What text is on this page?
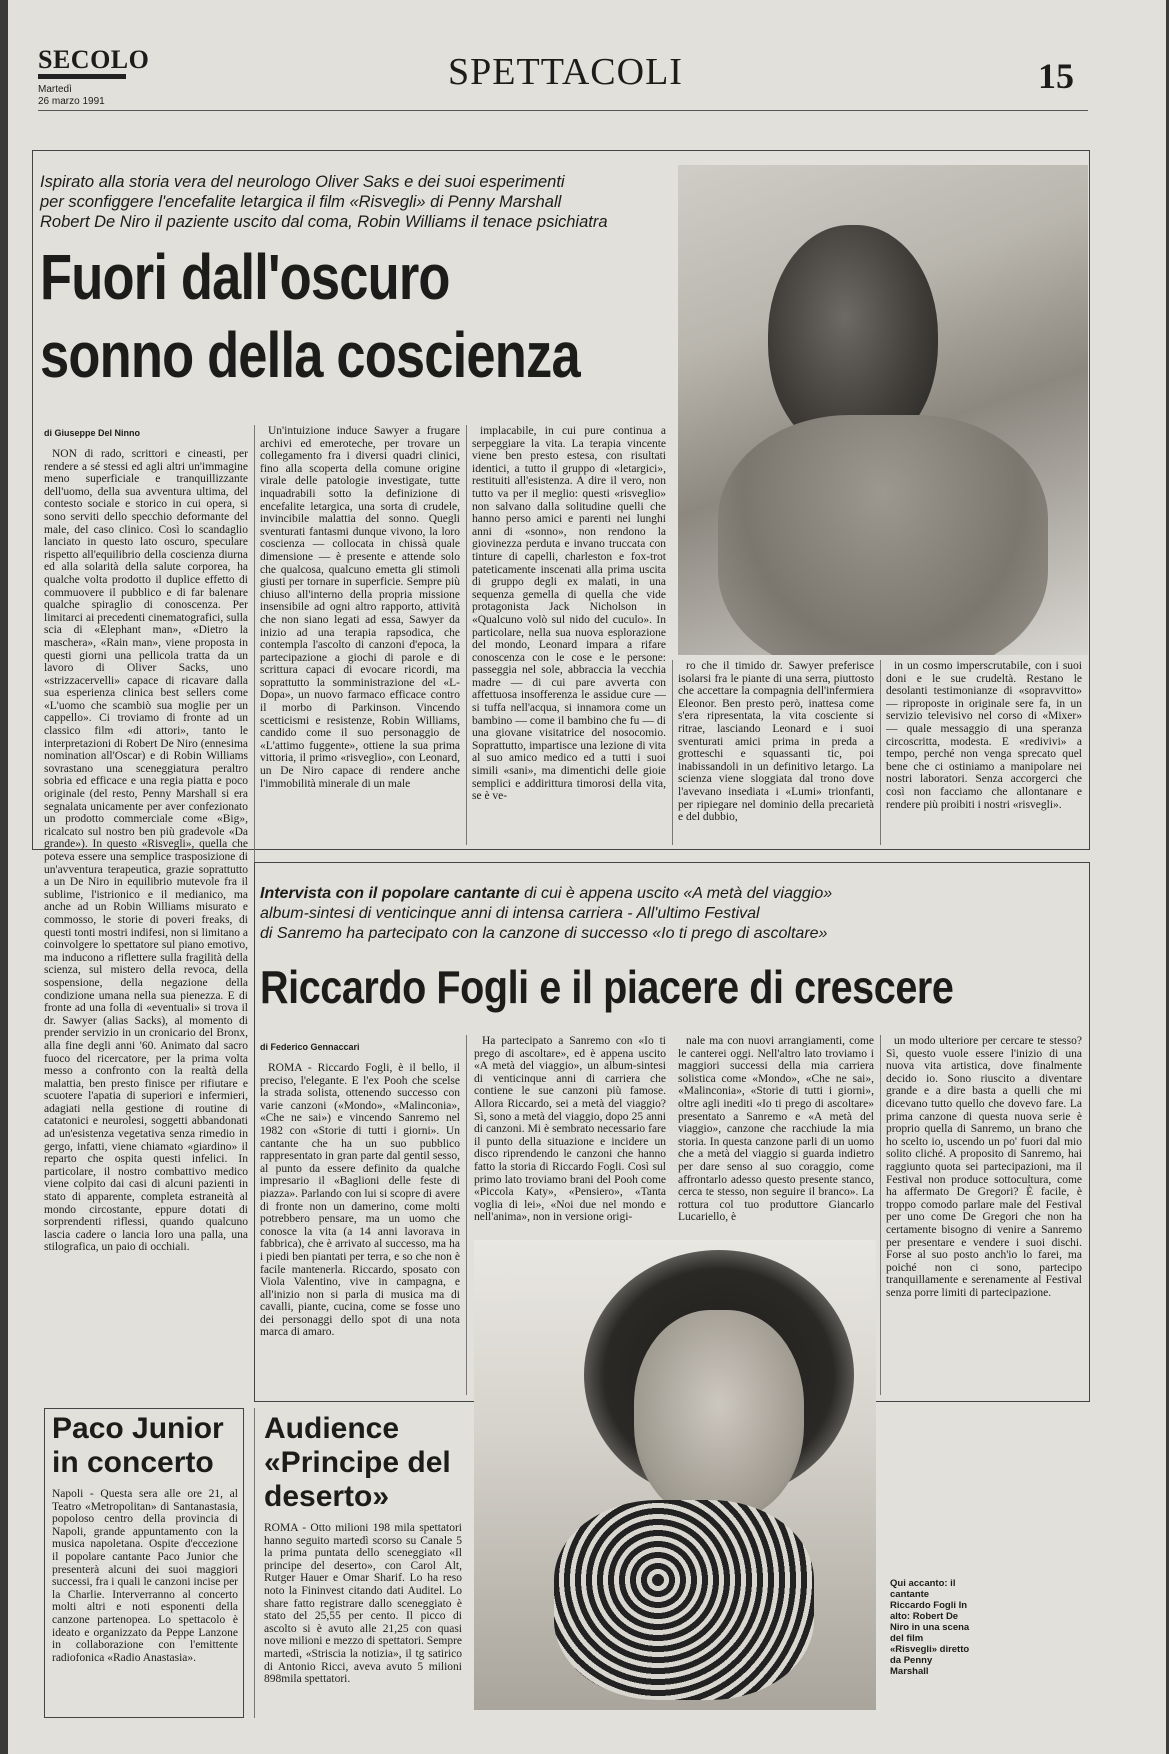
SECOLO
Martedì
26 marzo 1991
SPETTACOLI	15
Ispirato alla storia vera del neurologo Oliver Saks e dei suoi esperimenti
per sconfiggere l'encefalite letargica il film «Risvegli» di Penny Marshall
Robert De Niro il paziente uscito dal coma, Robin Williams il tenace psichiatra
Fuori dall'oscuro
sonno della coscienza
di Giuseppe Del Ninno

NON di rado, scrittori e cineasti, per rendere a sé stessi ed agli altri un'immagine meno superficiale e tranquillizzante dell'uomo, della sua avventura ultima, del contesto sociale e storico in cui opera, si sono serviti dello specchio deformante del male, del caso clinico. Così lo scandaglio lanciato in questo lato oscuro, speculare rispetto all'equilibrio della coscienza diurna ed alla solarità della salute corporea, ha qualche volta prodotto il duplice effetto di commuovere il pubblico e di far balenare qualche spiraglio di conoscenza. Per limitarci ai precedenti cinematografici, sulla scia di «Elephant man», «Dietro la maschera», «Rain man», viene proposta in questi giorni una pellicola tratta da un lavoro di Oliver Sacks, uno «strizzacervelli» capace di ricavare dalla sua esperienza clinica best sellers come «L'uomo che scambiò sua moglie per un cappello». Ci troviamo di fronte ad un classico film «di attori», tanto le interpretazioni di Robert De Niro (ennesima nomination all'Oscar) e di Robin Williams sovrastano una sceneggiatura peraltro sobria ed efficace e una regia piatta e poco originale (del resto, Penny Marshall si era segnalata unicamente per aver confezionato un prodotto commerciale come «Big», ricalcato sul nostro ben più gradevole «Da grande»). In questo «Risvegli», quella che poteva essere una semplice trasposizione di un'avventura terapeutica, grazie soprattutto a un De Niro in equilibrio mutevole fra il sublime, l'istrionico e il medianico, ma anche ad un Robin Williams misurato e commosso, le storie di poveri freaks, di questi tonti mostri indifesi, non si limitano a coinvolgere lo spettatore sul piano emotivo, ma inducono a riflettere sulla fragilità della scienza, sul mistero della revoca, della sospensione, della negazione della condizione umana nella sua pienezza. E di fronte ad una folla di «eventuali» si trova il dr. Sawyer (alias Sacks), al momento di prender servizio in un cronicario del Bronx, alla fine degli anni '60. Animato dal sacro fuoco del ricercatore, per la prima volta messo a confronto con la realtà della malattia, ben presto finisce per rifiutare e scuotere l'apatia di superiori e infermieri, adagiati nella gestione di routine di catatonici e neurolesi, soggetti abbandonati ad un'esistenza vegetativa senza rimedio in gergo, infatti, viene chiamato «giardino» il reparto che ospita questi infelici. In particolare, il nostro combattivo medico viene colpito dai casi di alcuni pazienti in stato di apparente, completa estraneità al mondo circostante, eppure dotati di sorprendenti riflessi, quando qualcuno lascia cadere o lancia loro una palla, una stilografica, un paio di occhiali.

Un'intuizione induce Sawyer a frugare archivi ed emeroteche, per trovare un collegamento fra i diversi quadri clinici, fino alla scoperta della comune origine virale delle patologie investigate, tutte inquadrabili sotto la definizione di encefalite letargica, una sorta di crudele, invincibile malattia del sonno. Quegli sventurati fantasmi dunque vivono, la loro coscienza — collocata in chissà quale dimensione — è presente e attende solo che qualcosa, qualcuno emetta gli stimoli giusti per tornare in superficie. Sempre più chiuso all'interno della propria missione insensibile ad ogni altro rapporto, attività che non siano legati ad essa, Sawyer da inizio ad una terapia rapsodica, che contempla l'ascolto di canzoni d'epoca, la partecipazione a giochi di parole e di scrittura capaci di evocare ricordi, ma soprattutto la somministrazione del «L-Dopa», un nuovo farmaco efficace contro il morbo di Parkinson. Vincendo scetticismi e resistenze, Robin Williams, candido come il suo personaggio de «L'attimo fuggente», ottiene la sua prima vittoria, il primo «risveglio», con Leonard, un De Niro capace di rendere anche l'immobilità minerale di un male

implacabile, in cui pure continua a serpeggiare la vita. La terapia vincente viene ben presto estesa, con risultati identici, a tutto il gruppo di «letargici», restituiti all'esistenza. A dire il vero, non tutto va per il meglio: questi «risveglio» non salvano dalla solitudine quelli che hanno perso amici e parenti nei lunghi anni di «sonno», non rendono la giovinezza perduta e invano truccata con tinture di capelli, charleston e fox-trot pateticamente inscenati alla prima uscita di gruppo degli ex malati, in una sequenza gemella di quella che vide protagonista Jack Nicholson in «Qualcuno volò sul nido del cuculo». In particolare, nella sua nuova esplorazione del mondo, Leonard impara a rifare conoscenza con le cose e le persone: passeggia nel sole, abbraccia la vecchia madre — di cui pare avverta con affettuosa insofferenza le assidue cure — si tuffa nell'acqua, si innamora come un bambino — come il bambino che fu — di una giovane visitatrice del nosocomio. Soprattutto, impartisce una lezione di vita al suo amico medico ed a tutti i suoi simili «sani», ma dimentichi delle gioie semplici e addirittura timorosi della vita, se è ve-

ro che il timido dr. Sawyer preferisce isolarsi fra le piante di una serra, piuttosto che accettare la compagnia dell'infermiera Eleonor. Ben presto però, inattesa come s'era ripresentata, la vita cosciente si ritrae, lasciando Leonard e i suoi sventurati amici prima in preda a grotteschi e squassanti tic, poi inabissandoli in un definitivo letargo. La scienza viene sloggiata dal trono dove l'avevano insediata i «Lumi» trionfanti, per ripiegare nel dominio della precarietà e del dubbio,

in un cosmo imperscrutabile, con i suoi doni e le sue crudeltà. Restano le desolanti testimonianze di «sopravvitto» — riproposte in originale sere fa, in un servizio televisivo nel corso di «Mixer» — quale messaggio di una speranza circoscritta, modesta. E «redivivi» a tempo, perché non venga sprecato quel bene che ci ostiniamo a manipolare nei nostri laboratori. Senza accorgerci che così non facciamo che allontanare e rendere più proibiti i nostri «risvegli».

Intervista con il popolare cantante di cui è appena uscito «A metà del viaggio»
album-sintesi di venticinque anni di intensa carriera - All'ultimo Festival
di Sanremo ha partecipato con la canzone di successo «Io ti prego di ascoltare»
Riccardo Fogli e il piacere di crescere
di Federico Gennaccari

ROMA - Riccardo Fogli, è il bello, il preciso, l'elegante. E l'ex Pooh che scelse la strada solista, ottenendo successo con varie canzoni («Mondo», «Malinconia», «Che ne sai») e vincendo Sanremo nel 1982 con «Storie di tutti i giorni». Un cantante che ha un suo pubblico rappresentato in gran parte dal gentil sesso, al punto da essere definito da qualche impresario il «Baglioni delle feste di piazza». Parlando con lui si scopre di avere di fronte non un damerino, come molti potrebbero pensare, ma un uomo che conosce la vita (a 14 anni lavorava in fabbrica), che è arrivato al successo, ma ha i piedi ben piantati per terra, e so che non è facile mantenerla. Riccardo, sposato con Viola Valentino, vive in campagna, e all'inizio non si parla di musica ma di cavalli, piante, cucina, come se fosse uno dei personaggi dello spot di una nota marca di amaro.

Ha partecipato a Sanremo con «Io ti prego di ascoltare», ed è appena uscito «A metà del viaggio», un album-sintesi di venticinque anni di carriera che contiene le sue canzoni più famose. Allora Riccardo, sei a metà del viaggio? Sì, sono a metà del viaggio, dopo 25 anni di canzoni. Mi è sembrato necessario fare il punto della situazione e incidere un disco riprendendo le canzoni che hanno fatto la storia di Riccardo Fogli. Così sul primo lato troviamo brani del Pooh come «Piccola Katy», «Pensiero», «Tanta voglia di lei», «Noi due nel mondo e nell'anima», non in versione origi-

nale ma con nuovi arrangiamenti, come le canterei oggi. Nell'altro lato troviamo i maggiori successi della mia carriera solistica come «Mondo», «Che ne sai», «Malinconia», «Storie di tutti i giorni», oltre agli inediti «Io ti prego di ascoltare» presentato a Sanremo e «A metà del viaggio», canzone che racchiude la mia storia. In questa canzone parli di un uomo che a metà del viaggio si guarda indietro per dare senso al suo coraggio, come affrontarlo adesso questo presente stanco, cerca te stesso, non seguire il branco». La rottura col tuo produttore Giancarlo Lucariello, è

un modo ulteriore per cercare te stesso? Sì, questo vuole essere l'inizio di una nuova vita artistica, dove finalmente decido io. Sono riuscito a diventare grande e a dire basta a quelli che mi dicevano tutto quello che dovevo fare. La prima canzone di questa nuova serie è proprio quella di Sanremo, un brano che ho scelto io, uscendo un po' fuori dal mio solito cliché. A proposito di Sanremo, hai raggiunto quota sei partecipazioni, ma il Festival non produce sottocultura, come ha affermato De Gregori? È facile, è troppo comodo parlare male del Festival per uno come De Gregori che non ha certamente bisogno di venire a Sanremo per presentare e vendere i suoi dischi. Forse al suo posto anch'io lo farei, ma poiché non ci sono, partecipo tranquillamente e serenamente al Festival senza porre limiti di partecipazione.

Qui accanto: il cantante Riccardo Fogli In alto: Robert De Niro in una scena del film «Risvegli» diretto da Penny Marshall
Paco Junior in concerto
Napoli - Questa sera alle ore 21, al Teatro «Metropolitan» di Santanastasia, popoloso centro della provincia di Napoli, grande appuntamento con la musica napoletana. Ospite d'eccezione il popolare cantante Paco Junior che presenterà alcuni dei suoi maggiori successi, fra i quali le canzoni incise per la Charlie. Interverranno al concerto molti altri e noti esponenti della canzone partenopea. Lo spettacolo è ideato e organizzato da Peppe Lanzone in collaborazione con l'emittente radiofonica «Radio Anastasia».
Audience «Principe del deserto»
ROMA - Otto milioni 198 mila spettatori hanno seguito martedì scorso su Canale 5 la prima puntata dello sceneggiato «Il principe del deserto», con Carol Alt, Rutger Hauer e Omar Sharif. Lo ha reso noto la Fininvest citando dati Auditel. Lo share fatto registrare dallo sceneggiato è stato del 25,55 per cento. Il picco di ascolto si è avuto alle 21,25 con quasi nove milioni e mezzo di spettatori. Sempre martedì, «Striscia la notizia», il tg satirico di Antonio Ricci, aveva avuto 5 milioni 898mila spettatori.
